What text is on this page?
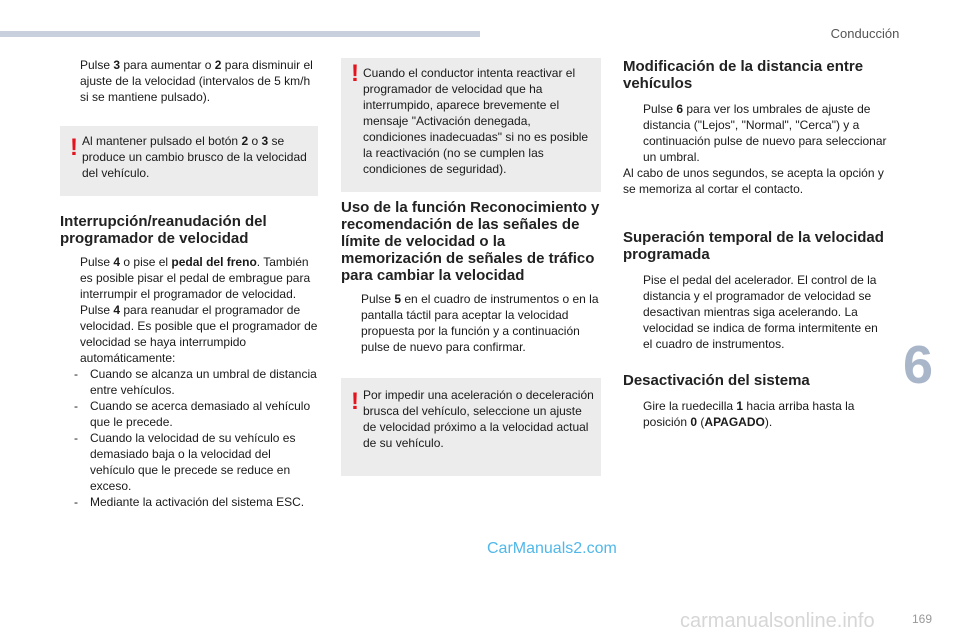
Conducción
6
169

Pulse 3 para aumentar o 2 para disminuir el ajuste de la velocidad (intervalos de 5 km/h si se mantiene pulsado).

! Al mantener pulsado el botón 2 o 3 se produce un cambio brusco de la velocidad del vehículo.
Interrupción/reanudación del programador de velocidad

Pulse 4 o pise el pedal del freno. También es posible pisar el pedal de embrague para interrumpir el programador de velocidad.

Pulse 4 para reanudar el programador de velocidad. Es posible que el programador de velocidad se haya interrumpido automáticamente:

- Cuando se alcanza un umbral de distancia entre vehículos.

- Cuando se acerca demasiado al vehículo que le precede.

- Cuando la velocidad de su vehículo es demasiado baja o la velocidad del vehículo que le precede se reduce en exceso.

- Mediante la activación del sistema ESC.

! Cuando el conductor intenta reactivar el programador de velocidad que ha interrumpido, aparece brevemente el mensaje "Activación denegada, condiciones inadecuadas" si no es posible la reactivación (no se cumplen las condiciones de seguridad).
Uso de la función Reconocimiento y recomendación de las señales de límite de velocidad o la memorización de señales de tráfico para cambiar la velocidad

Pulse 5 en el cuadro de instrumentos o en la pantalla táctil para aceptar la velocidad propuesta por la función y a continuación pulse de nuevo para confirmar.

! Por impedir una aceleración o deceleración brusca del vehículo, seleccione un ajuste de velocidad próximo a la velocidad actual de su vehículo.
Modificación de la distancia entre vehículos

Pulse 6 para ver los umbrales de ajuste de distancia ("Lejos", "Normal", "Cerca") y a continuación pulse de nuevo para seleccionar un umbral.

Al cabo de unos segundos, se acepta la opción y se memoriza al cortar el contacto.

Superación temporal de la velocidad programada

Pise el pedal del acelerador. El control de la distancia y el programador de velocidad se desactivan mientras siga acelerando. La velocidad se indica de forma intermitente en el cuadro de instrumentos.

Desactivación del sistema

Gire la ruedecilla 1 hacia arriba hasta la posición 0 (APAGADO).

CarManuals2.com
carmanualsonline.info
